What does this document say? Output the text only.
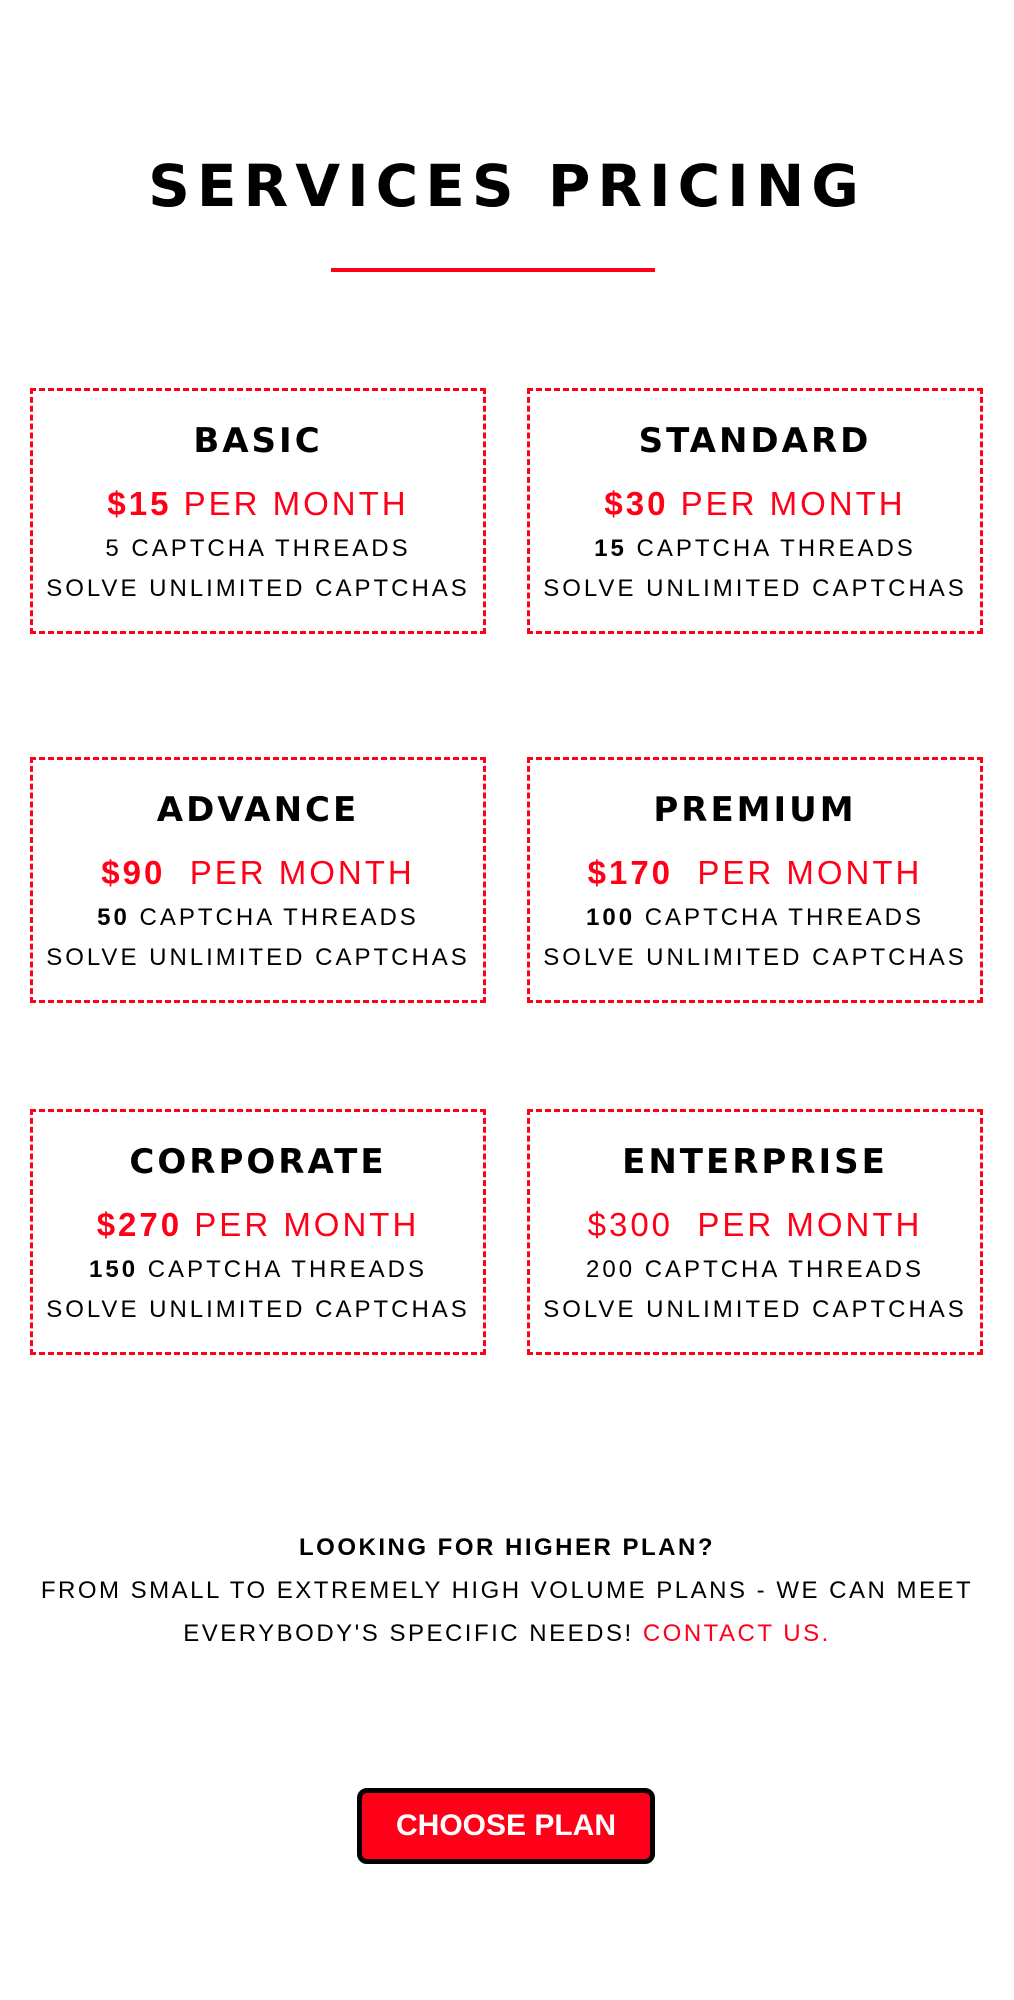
SERVICES PRICING
BASIC
$15 PER MONTH
5 CAPTCHA THREADS
SOLVE UNLIMITED CAPTCHAS
STANDARD
$30 PER MONTH
15 CAPTCHA THREADS
SOLVE UNLIMITED CAPTCHAS
ADVANCE
$90  PER MONTH
50 CAPTCHA THREADS
SOLVE UNLIMITED CAPTCHAS
PREMIUM
$170  PER MONTH
100 CAPTCHA THREADS
SOLVE UNLIMITED CAPTCHAS
CORPORATE
$270 PER MONTH
150 CAPTCHA THREADS
SOLVE UNLIMITED CAPTCHAS
ENTERPRISE
$300  PER MONTH
200 CAPTCHA THREADS
SOLVE UNLIMITED CAPTCHAS
LOOKING FOR HIGHER PLAN?
FROM SMALL TO EXTREMELY HIGH VOLUME PLANS - WE CAN MEET
EVERYBODY'S SPECIFIC NEEDS! CONTACT US.
CHOOSE PLAN
